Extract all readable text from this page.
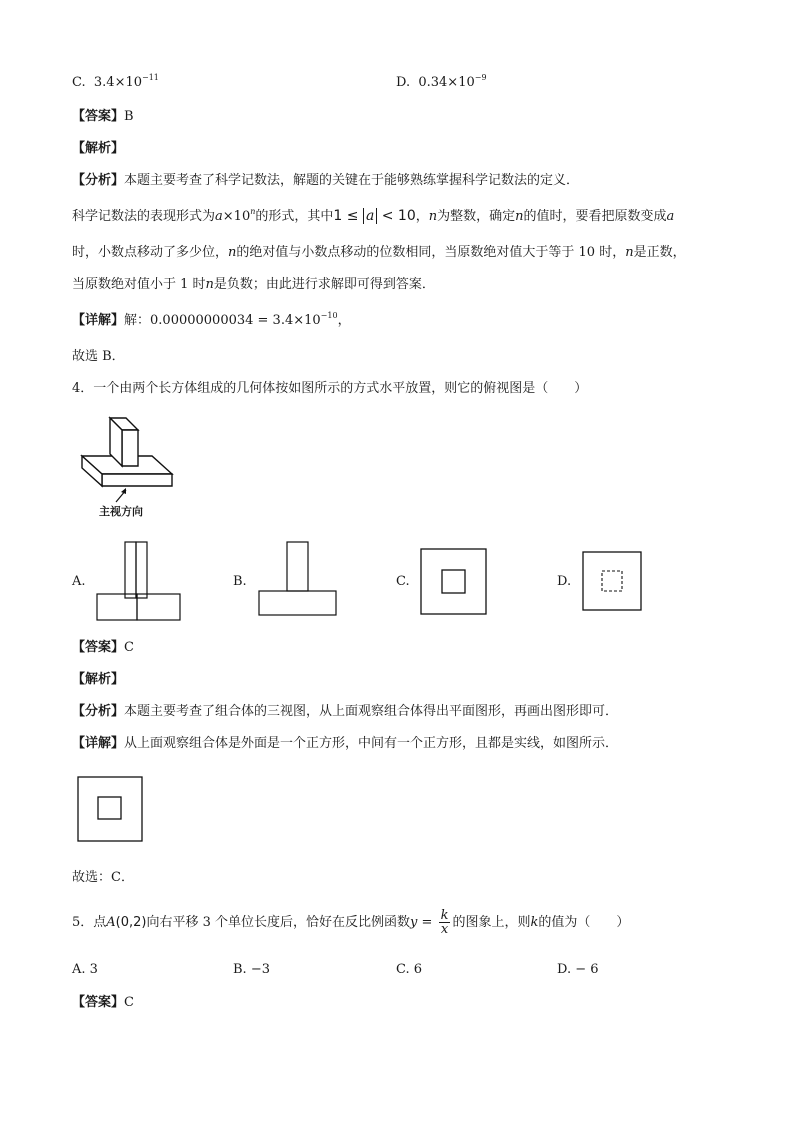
C. $3.4\times 10^{-11}$	D. $0.34\times 10^{-9}$
【答案】B
【解析】
【分析】本题主要考查了科学记数法，解题的关键在于能够熟练掌握科学记数法的定义．
科学记数法的表现形式为$a\times 10^n$的形式，其中1 ≤ a < 10，n为整数，确定n的值时，要看把原数变成a
时，小数点移动了多少位，n的绝对值与小数点移动的位数相同，当原数绝对值大于等于 10 时，n是正数，
当原数绝对值小于 1 时n是负数；由此进行求解即可得到答案．
【详解】解：$0.00000000034 = 3.4\times 10^{-10}$，
故选 B．
4．一个由两个长方体组成的几何体按如图所示的方式水平放置，则它的俯视图是（　　）
主视方向
A.	B.	C.	D.
【答案】C
【解析】
【分析】本题主要考查了组合体的三视图，从上面观察组合体得出平面图形，再画出图形即可．
【详解】从上面观察组合体是外面是一个正方形，中间有一个正方形，且都是实线，如图所示．
故选：C．
5．点A(0,2)向右平移 3 个单位长度后，恰好在反比例函数$y = \frac{k}{x}$ 的图象上，则k的值为（　　）
A. 3	B. −3	C. 6	D. − 6
【答案】C
